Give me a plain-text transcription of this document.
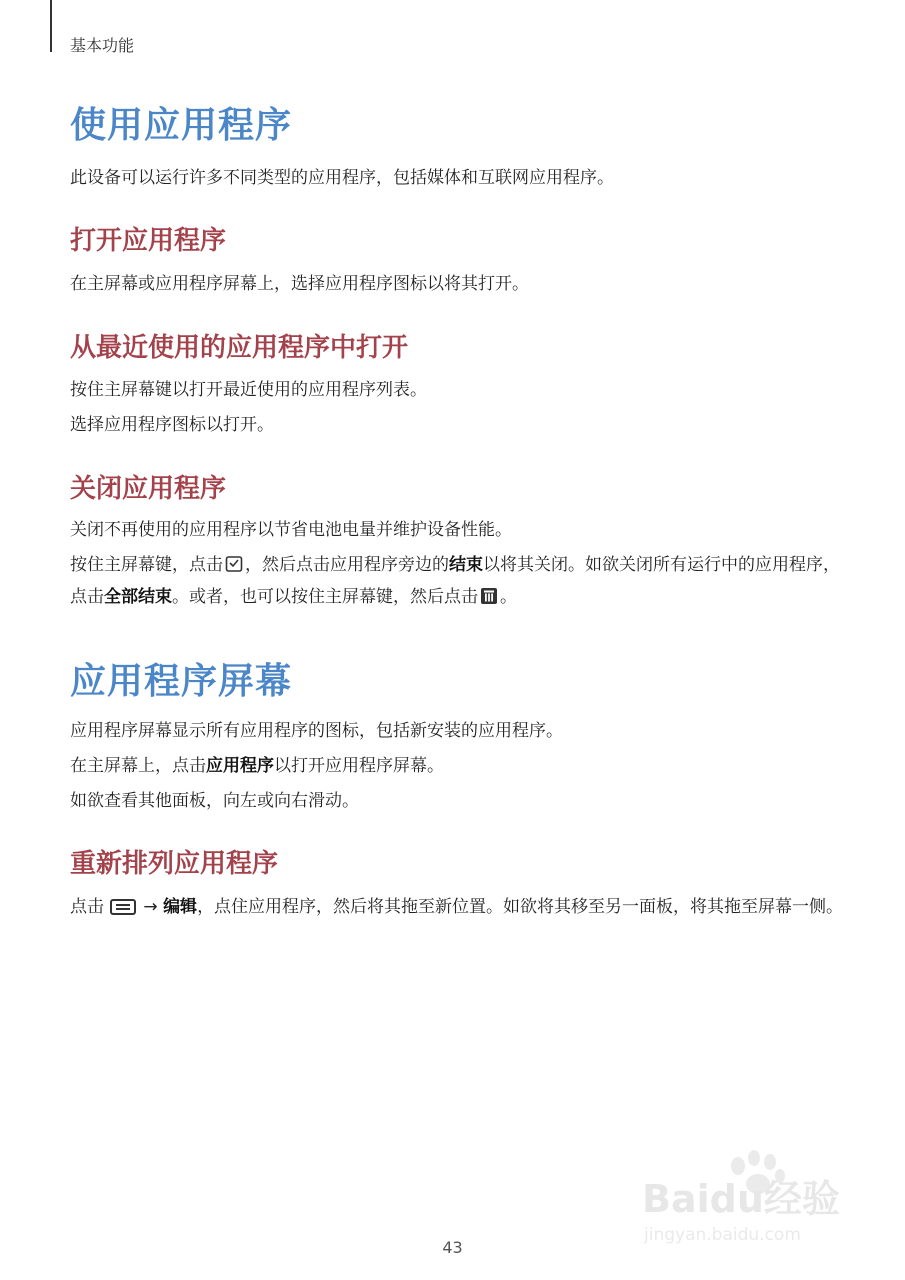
基本功能
使用应用程序
此设备可以运行许多不同类型的应用程序，包括媒体和互联网应用程序。
打开应用程序
在主屏幕或应用程序屏幕上，选择应用程序图标以将其打开。
从最近使用的应用程序中打开
按住主屏幕键以打开最近使用的应用程序列表。
选择应用程序图标以打开。
关闭应用程序
关闭不再使用的应用程序以节省电池电量并维护设备性能。
按住主屏幕键，点击 ，然后点击应用程序旁边的结束以将其关闭。如欲关闭所有运行中的应用程序，点击全部结束。或者，也可以按住主屏幕键，然后点击 。
应用程序屏幕
应用程序屏幕显示所有应用程序的图标，包括新安装的应用程序。
在主屏幕上，点击应用程序以打开应用程序屏幕。
如欲查看其他面板，向左或向右滑动。
重新排列应用程序
点击 → 编辑，点住应用程序，然后将其拖至新位置。如欲将其移至另一面板，将其拖至屏幕一侧。
Baidu经验
jingyan.baidu.com
43
